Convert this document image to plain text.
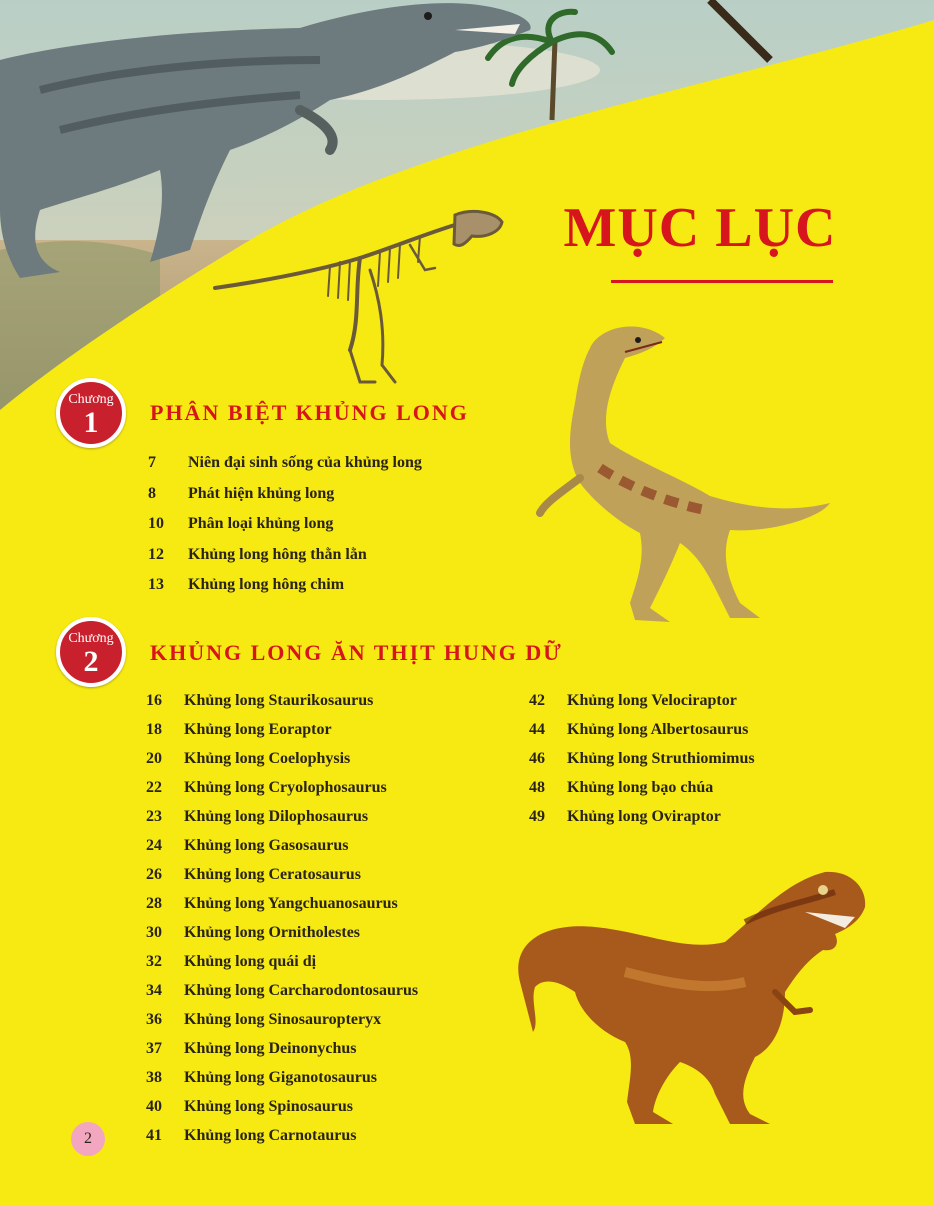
MỤC LỤC
Chương
1	PHÂN BIỆT KHỦNG LONG
7	Niên đại sinh sống của khủng long
8	Phát hiện khủng long
10	Phân loại khủng long
12	Khủng long hông thằn lằn
13	Khủng long hông chim
Chương
2	KHỦNG LONG ĂN THỊT HUNG DỮ
16	Khủng long Staurikosaurus
18	Khủng long Eoraptor
20	Khủng long Coelophysis
22	Khủng long Cryolophosaurus
23	Khủng long Dilophosaurus
24	Khủng long Gasosaurus
26	Khủng long Ceratosaurus
28	Khủng long Yangchuanosaurus
30	Khủng long Ornitholestes
32	Khủng long quái dị
34	Khủng long Carcharodontosaurus
36	Khủng long Sinosauropteryx
37	Khủng long Deinonychus
38	Khủng long Giganotosaurus
40	Khủng long Spinosaurus
41	Khủng long Carnotaurus
42	Khủng long Velociraptor
44	Khủng long Albertosaurus
46	Khủng long Struthiomimus
48	Khủng long bạo chúa
49	Khủng long Oviraptor
2
